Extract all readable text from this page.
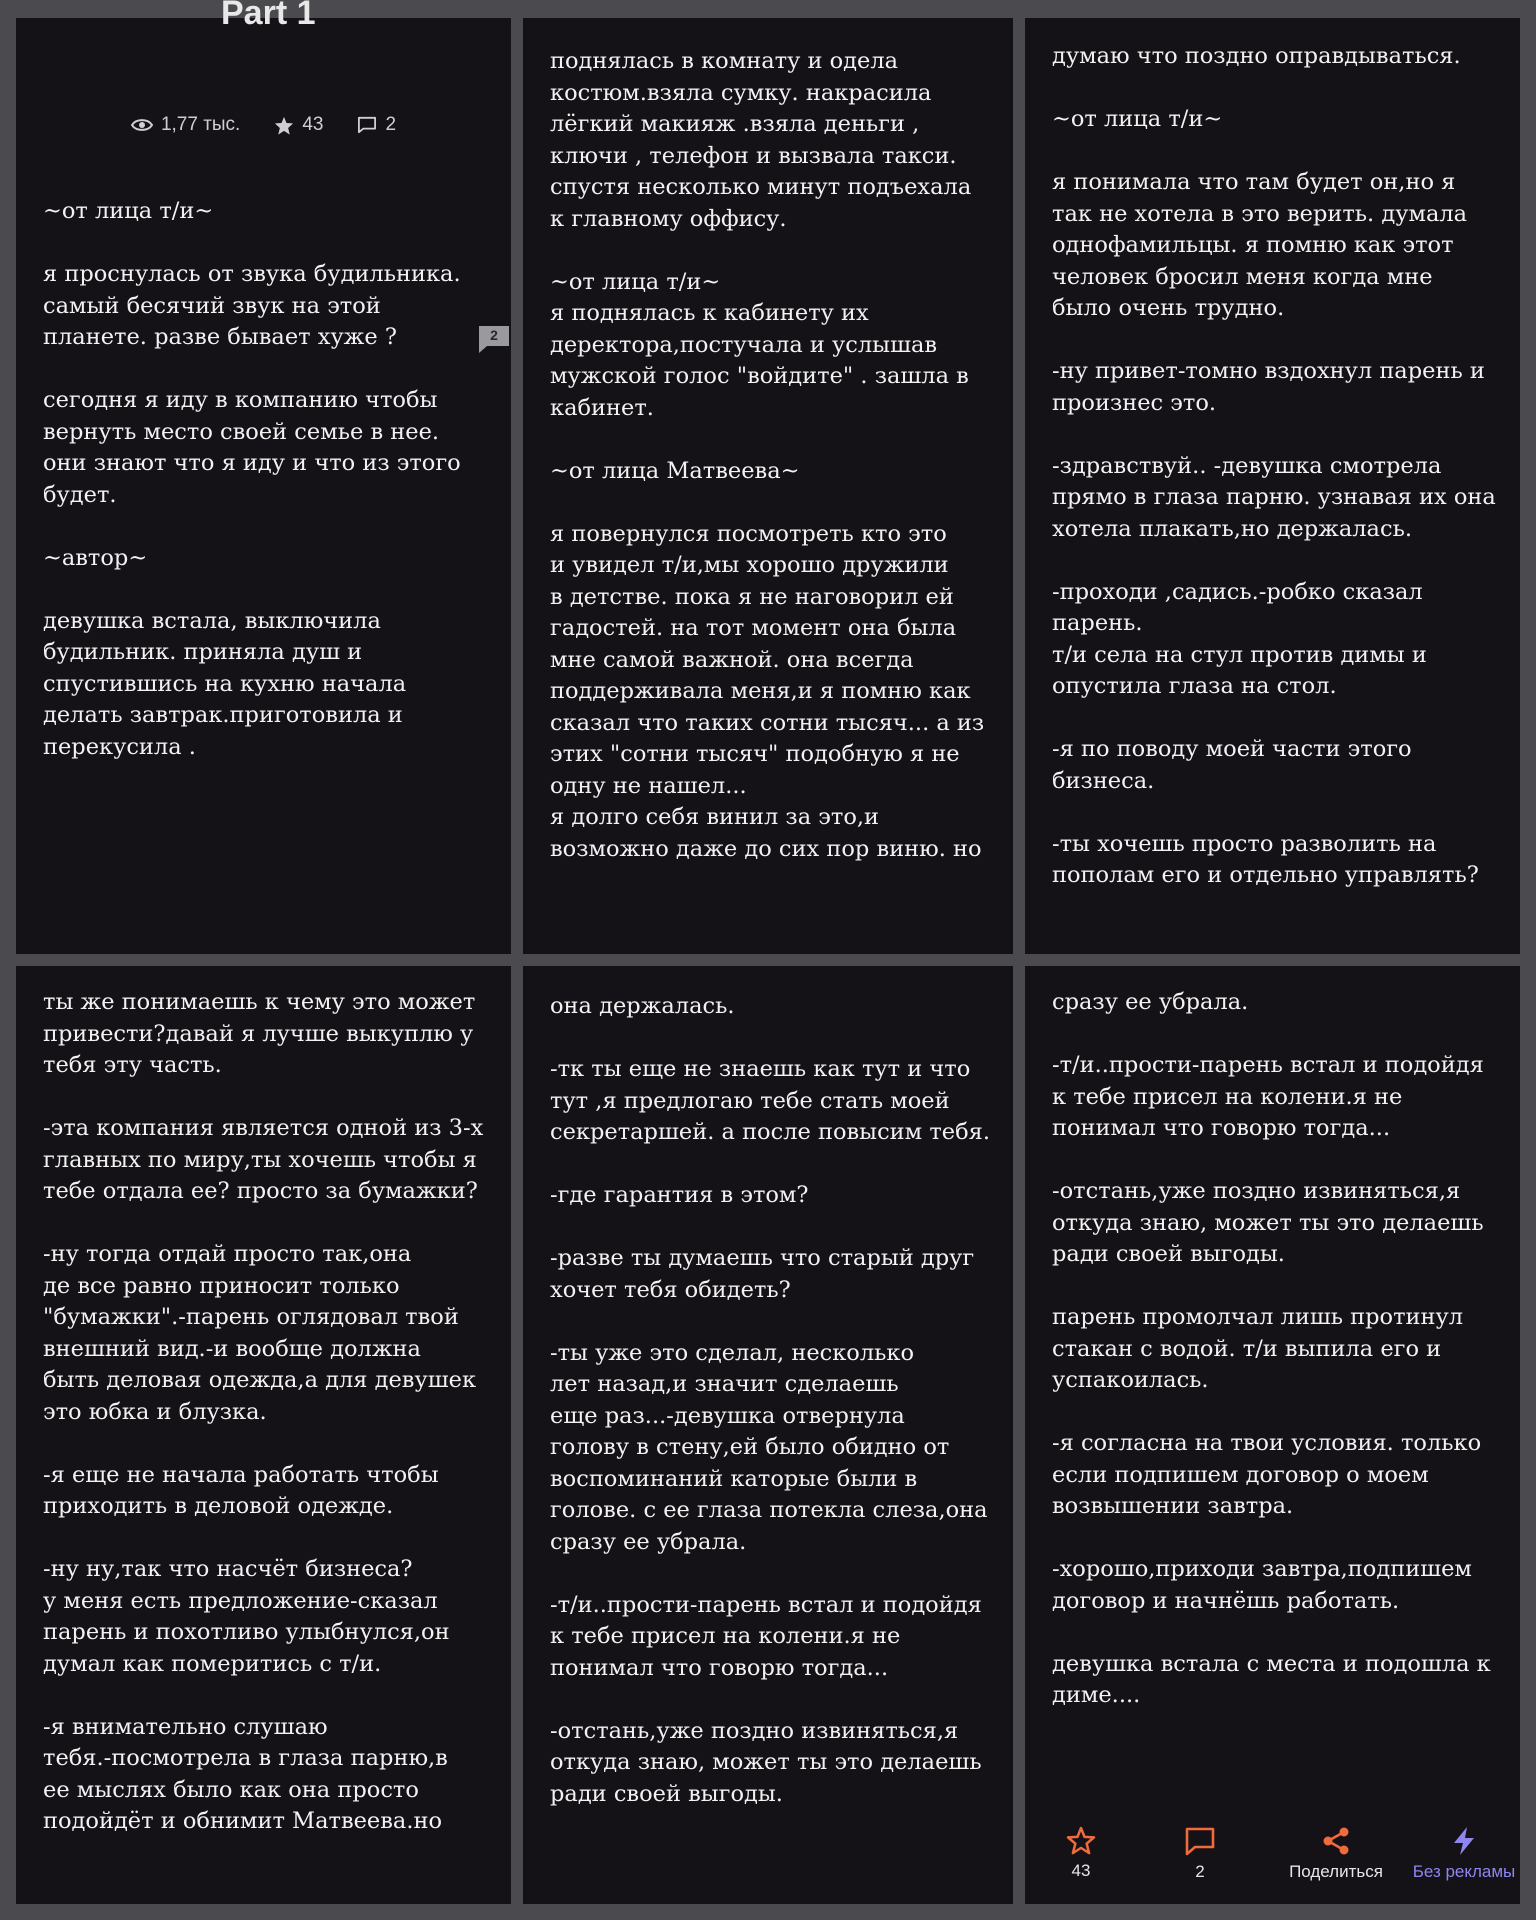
Part 1
1,77 тыс.	43	2
2

~от лица т/и~

я проснулась от звука будильника.
самый бесячий звук на этой
планете. разве бывает хуже ?

сегодня я иду в компанию чтобы
вернуть место своей семье в нее.
они знают что я иду и что из этого
будет.

~автор~

девушка встала, выключила
будильник. приняла душ и
спустившись на кухню начала
делать завтрак.приготовила и
перекусила .

поднялась в комнату и одела
костюм.взяла сумку. накрасила
лёгкий макияж .взяла деньги ,
ключи , телефон и вызвала такси.
спустя несколько минут подъехала
к главному оффису.

~от лица т/и~
я поднялась к кабинету их
деректора,постучала и услышав
мужской голос "войдите" . зашла в
кабинет.

~от лица Матвеева~

я повернулся посмотреть кто это
и увидел т/и,мы хорошо дружили
в детстве. пока я не наговорил ей
гадостей. на тот момент она была
мне самой важной. она всегда
поддерживала меня,и я помню как
сказал что таких сотни тысяч... а из
этих "сотни тысяч" подобную я не
одну не нашел...
я долго себя винил за это,и
возможно даже до сих пор виню. но

думаю что поздно оправдываться.

~от лица т/и~

я понимала что там будет он,но я
так не хотела в это верить. думала
однофамильцы. я помню как этот
человек бросил меня когда мне
было очень трудно.

-ну привет-томно вздохнул парень и
произнес это.

-здравствуй.. -девушка смотрела
прямо в глаза парню. узнавая их она
хотела плакать,но держалась.

-проходи ,садись.-робко сказал
парень.
т/и села на стул против димы и
опустила глаза на стол.

-я по поводу моей части этого
бизнеса.

-ты хочешь просто разволить на
пополам его и отдельно управлять?

ты же понимаешь к чему это может
привести?давай я лучше выкуплю у
тебя эту часть.

-эта компания является одной из 3-х
главных по миру,ты хочешь чтобы я
тебе отдала ее? просто за бумажки?

-ну тогда отдай просто так,она
де все равно приносит только
"бумажки".-парень оглядовал твой
внешний вид.-и вообще должна
быть деловая одежда,а для девушек
это юбка и блузка.

-я еще не начала работать чтобы
приходить в деловой одежде.

-ну ну,так что насчёт бизнеса?
у меня есть предложение-сказал
парень и похотливо улыбнулся,он
думал как померитись с т/и.

-я внимательно слушаю
тебя.-посмотрела в глаза парню,в
ее мыслях было как она просто
подойдёт и обнимит Матвеева.но

она держалась.

-тк ты еще не знаешь как тут и что
тут ,я предлогаю тебе стать моей
секретаршей. а после повысим тебя.

-где гарантия в этом?

-разве ты думаешь что старый друг
хочет тебя обидеть?

-ты уже это сделал, несколько
лет назад,и значит сделаешь
еще раз...-девушка отвернула
голову в стену,ей было обидно от
воспоминаний каторые были в
голове. с ее глаза потекла слеза,она
сразу ее убрала.

-т/и..прости-парень встал и подойдя
к тебе присел на колени.я не
понимал что говорю тогда...

-отстань,уже поздно извиняться,я
откуда знаю, может ты это делаешь
ради своей выгоды.

сразу ее убрала.

-т/и..прости-парень встал и подойдя
к тебе присел на колени.я не
понимал что говорю тогда...

-отстань,уже поздно извиняться,я
откуда знаю, может ты это делаешь
ради своей выгоды.

парень промолчал лишь протинул
стакан с водой. т/и выпила его и
успакоилась.

-я согласна на твои условия. только
если подпишем договор о моем
возвышении завтра.

-хорошо,приходи завтра,подпишем
договор и начнёшь работать.

девушка встала с места и подошла к
диме....

43	2	Поделиться Без рекламы
